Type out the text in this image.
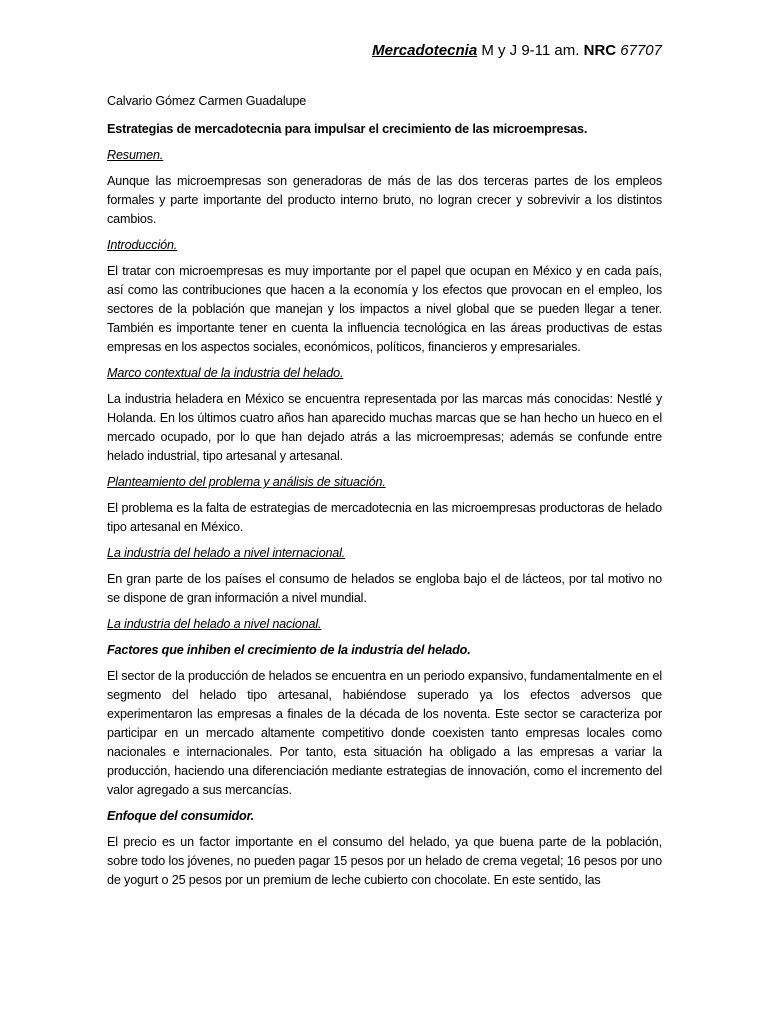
Mercadotecnia M y J 9-11 am. NRC 67707

Calvario Gómez Carmen Guadalupe

Estrategias de mercadotecnia para impulsar el crecimiento de las microempresas.

Resumen.

Aunque las microempresas son generadoras de más de las dos terceras partes de los empleos formales y parte importante del producto interno bruto, no logran crecer y sobrevivir a los distintos cambios.

Introducción.

El tratar con microempresas es muy importante por el papel que ocupan en México y en cada país, así como las contribuciones que hacen a la economía y los efectos que provocan en el empleo, los sectores de la población que manejan y los impactos a nivel global que se pueden llegar a tener. También es importante tener en cuenta la influencia tecnológica en las áreas productivas de estas empresas en los aspectos sociales, económicos, políticos, financieros y empresariales.

Marco contextual de la industria del helado.

La industria heladera en México se encuentra representada por las marcas más conocidas: Nestlé y Holanda. En los últimos cuatro años han aparecido muchas marcas que se han hecho un hueco en el mercado ocupado, por lo que han dejado atrás a las microempresas; además se confunde entre helado industrial, tipo artesanal y artesanal.

Planteamiento del problema y análisis de situación.

El problema es la falta de estrategias de mercadotecnia en las microempresas productoras de helado tipo artesanal en México.

La industria del helado a nivel internacional.

En gran parte de los países el consumo de helados se engloba bajo el de lácteos, por tal motivo no se dispone de gran información a nivel mundial.

La industria del helado a nivel nacional.

Factores que inhiben el crecimiento de la industria del helado.

El sector de la producción de helados se encuentra en un periodo expansivo, fundamentalmente en el segmento del helado tipo artesanal, habiéndose superado ya los efectos adversos que experimentaron las empresas a finales de la década de los noventa. Este sector se caracteriza por participar en un mercado altamente competitivo donde coexisten tanto empresas locales como nacionales e internacionales. Por tanto, esta situación ha obligado a las empresas a variar la producción, haciendo una diferenciación mediante estrategias de innovación, como el incremento del valor agregado a sus mercancías.

Enfoque del consumidor.

El precio es un factor importante en el consumo del helado, ya que buena parte de la población, sobre todo los jóvenes, no pueden pagar 15 pesos por un helado de crema vegetal; 16 pesos por uno de yogurt o 25 pesos por un premium de leche cubierto con chocolate. En este sentido, las
